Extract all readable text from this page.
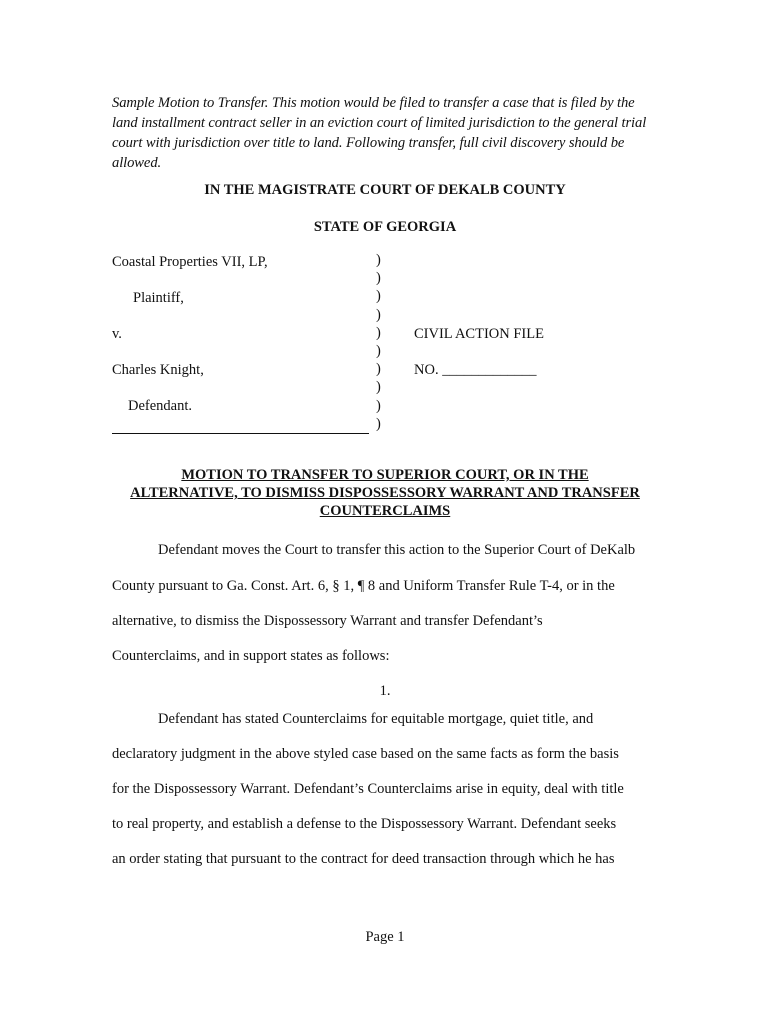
Sample Motion to Transfer. This motion would be filed to transfer a case that is filed by the land installment contract seller in an eviction court of limited jurisdiction to the general trial court with jurisdiction over title to land. Following transfer, full civil discovery should be allowed.
IN THE MAGISTRATE COURT OF DEKALB COUNTY
STATE OF GEORGIA
Coastal Properties VII, LP,
Plaintiff,
v.
Charles Knight,
Defendant.
)
)
)
)
)
)
)
)
)
)
CIVIL ACTION FILE
NO. _____________
MOTION TO TRANSFER TO SUPERIOR COURT, OR IN THE
ALTERNATIVE, TO DISMISS DISPOSSESSORY WARRANT AND TRANSFER
COUNTERCLAIMS
Defendant moves the Court to transfer this action to the Superior Court of DeKalb
County pursuant to Ga. Const. Art. 6, § 1, ¶ 8 and Uniform Transfer Rule T-4, or in the
alternative, to dismiss the Dispossessory Warrant and transfer Defendant’s
Counterclaims, and in support states as follows:
1.
Defendant has stated Counterclaims for equitable mortgage, quiet title, and
declaratory judgment in the above styled case based on the same facts as form the basis
for the Dispossessory Warrant. Defendant’s Counterclaims arise in equity, deal with title
to real property, and establish a defense to the Dispossessory Warrant. Defendant seeks
an order stating that pursuant to the contract for deed transaction through which he has
Page 1
